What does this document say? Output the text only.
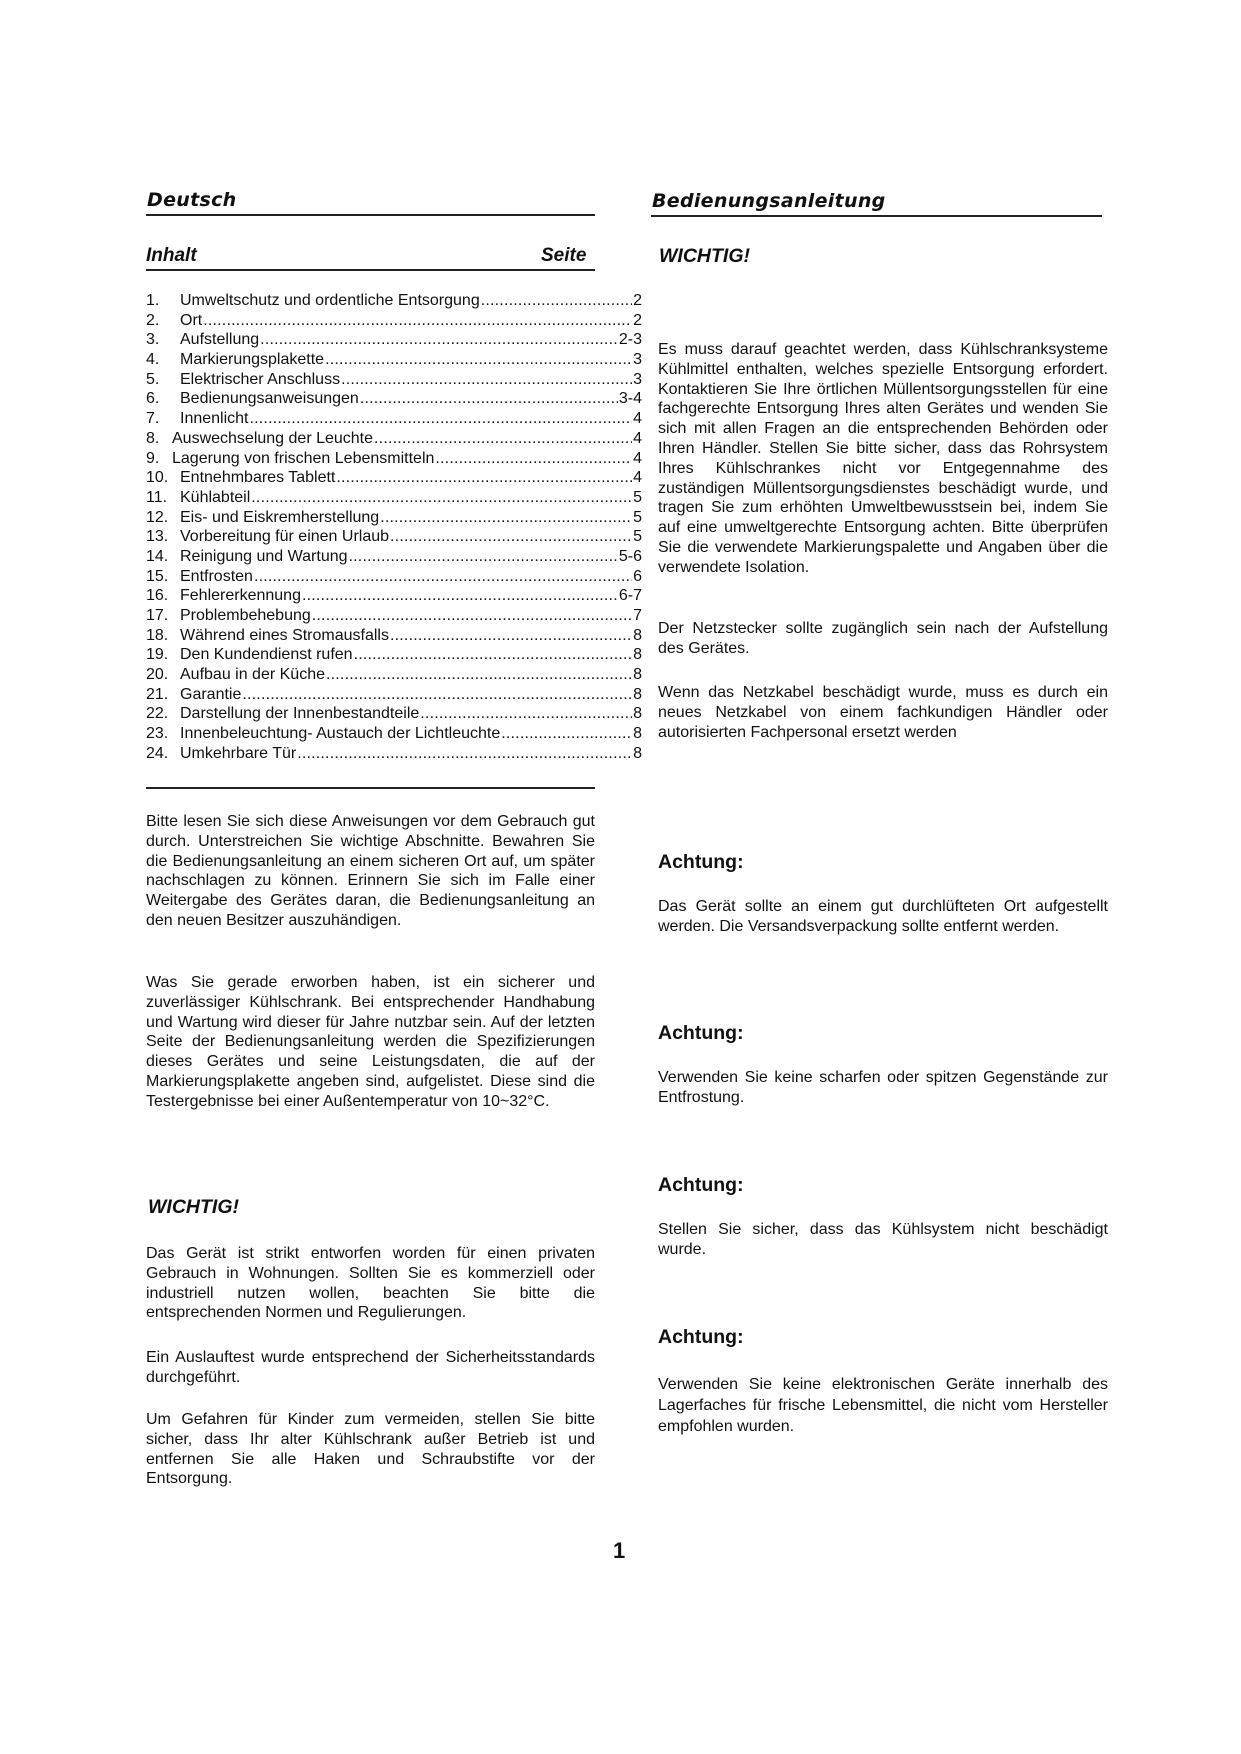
Deutsch	Bedienungsanleitung
Inhalt	Seite
1.	Umweltschutz und ordentliche Entsorgung .....	2
2.	Ort .....	2
3.	Aufstellung .....	2-3
4.	Markierungsplakette .....	3
5.	Elektrischer Anschluss .....	3
6.	Bedienungsanweisungen .....	3-4
7.	Innenlicht .....	4
8. Auswechselung der Leuchte .....	4
9. Lagerung von frischen Lebensmitteln .....	4
10. Entnehmbares Tablett .....	4
11. Kühlabteil .....	5
12. Eis- und Eiskremherstellung .....	5
13. Vorbereitung für einen Urlaub .....	5
14. Reinigung und Wartung .....	5-6
15. Entfrosten .....	6
16. Fehlererkennung .....	6-7
17. Problembehebung .....	7
18. Während eines Stromausfalls .....	8
19. Den Kundendienst rufen .....	8
20. Aufbau in der Küche .....	8
21. Garantie .....	8
22. Darstellung der Innenbestandteile .....	8
23. Innenbeleuchtung- Austauch der Lichtleuchte .....	8
24. Umkehrbare Tür .....	8
Bitte lesen Sie sich diese Anweisungen vor dem Gebrauch gut durch. Unterstreichen Sie wichtige Abschnitte. Bewahren Sie die Bedienungsanleitung an einem sicheren Ort auf, um später nachschlagen zu können. Erinnern Sie sich im Falle einer Weitergabe des Gerätes daran, die Bedienungsanleitung an den neuen Besitzer auszuhändigen.
Was Sie gerade erworben haben, ist ein sicherer und zuverlässiger Kühlschrank. Bei entsprechender Handhabung und Wartung wird dieser für Jahre nutzbar sein. Auf der letzten Seite der Bedienungsanleitung werden die Spezifizierungen dieses Gerätes und seine Leistungsdaten, die auf der Markierungsplakette angeben sind, aufgelistet. Diese sind die Testergebnisse bei einer Außentemperatur von 10~32°C.
WICHTIG!
Das Gerät ist strikt entworfen worden für einen privaten Gebrauch in Wohnungen. Sollten Sie es kommerziell oder industriell nutzen wollen, beachten Sie bitte die entsprechenden Normen und Regulierungen.
Ein Auslauftest wurde entsprechend der Sicherheitsstandards durchgeführt.
Um Gefahren für Kinder zum vermeiden, stellen Sie bitte sicher, dass Ihr alter Kühlschrank außer Betrieb ist und entfernen Sie alle Haken und Schraubstifte vor der Entsorgung.
WICHTIG!
Es muss darauf geachtet werden, dass Kühlschranksysteme Kühlmittel enthalten, welches spezielle Entsorgung erfordert. Kontaktieren Sie Ihre örtlichen Müllentsorgungsstellen für eine fachgerechte Entsorgung Ihres alten Gerätes und wenden Sie sich mit allen Fragen an die entsprechenden Behörden oder Ihren Händler. Stellen Sie bitte sicher, dass das Rohrsystem Ihres Kühlschrankes nicht vor Entgegennahme des zuständigen Müllentsorgungsdienstes beschädigt wurde, und tragen Sie zum erhöhten Umweltbewusstsein bei, indem Sie auf eine umweltgerechte Entsorgung achten. Bitte überprüfen Sie die verwendete Markierungspalette und Angaben über die verwendete Isolation.
Der Netzstecker sollte zugänglich sein nach der Aufstellung des Gerätes.
Wenn das Netzkabel beschädigt wurde, muss es durch ein neues Netzkabel von einem fachkundigen Händler oder autorisierten Fachpersonal ersetzt werden
Achtung:
Das Gerät sollte an einem gut durchlüfteten Ort aufgestellt werden. Die Versandsverpackung sollte entfernt werden.
Achtung:
Verwenden Sie keine scharfen oder spitzen Gegenstände zur Entfrostung.
Achtung:
Stellen Sie sicher, dass das Kühlsystem nicht beschädigt wurde.
Achtung:
Verwenden Sie keine elektronischen Geräte innerhalb des Lagerfaches für frische Lebensmittel, die nicht vom Hersteller empfohlen wurden.
1
